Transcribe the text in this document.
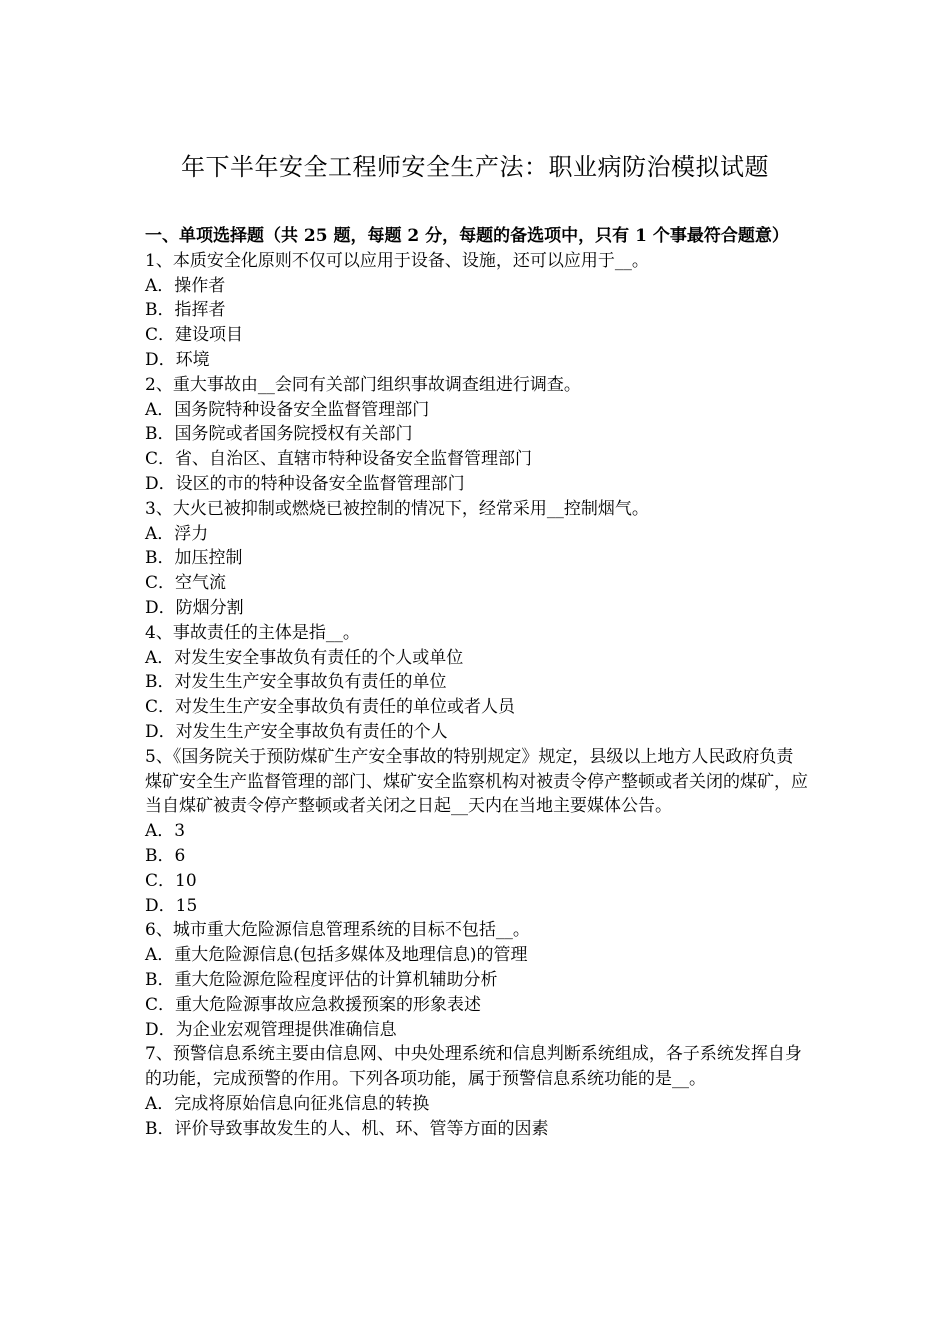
年下半年安全工程师安全生产法：职业病防治模拟试题

一、单项选择题（共 25 题，每题 2 分，每题的备选项中，只有 1 个事最符合题意）

1、本质安全化原则不仅可以应用于设备、设施，还可以应用于__。

A．操作者

B．指挥者

C．建设项目

D．环境

2、重大事故由__会同有关部门组织事故调查组进行调查。

A．国务院特种设备安全监督管理部门

B．国务院或者国务院授权有关部门

C．省、自治区、直辖市特种设备安全监督管理部门

D．设区的市的特种设备安全监督管理部门

3、大火已被抑制或燃烧已被控制的情况下，经常采用__控制烟气。

A．浮力

B．加压控制

C．空气流

D．防烟分割

4、事故责任的主体是指__。

A．对发生安全事故负有责任的个人或单位

B．对发生生产安全事故负有责任的单位

C．对发生生产安全事故负有责任的单位或者人员

D．对发生生产安全事故负有责任的个人

5、《国务院关于预防煤矿生产安全事故的特别规定》规定，县级以上地方人民政府负责煤矿安全生产监督管理的部门、煤矿安全监察机构对被责令停产整顿或者关闭的煤矿，应当自煤矿被责令停产整顿或者关闭之日起__天内在当地主要媒体公告。

A．3

B．6

C．10

D．15

6、城市重大危险源信息管理系统的目标不包括__。

A．重大危险源信息(包括多媒体及地理信息)的管理

B．重大危险源危险程度评估的计算机辅助分析

C．重大危险源事故应急救援预案的形象表述

D．为企业宏观管理提供准确信息

7、预警信息系统主要由信息网、中央处理系统和信息判断系统组成，各子系统发挥自身的功能，完成预警的作用。下列各项功能，属于预警信息系统功能的是__。

A．完成将原始信息向征兆信息的转换

B．评价导致事故发生的人、机、环、管等方面的因素
